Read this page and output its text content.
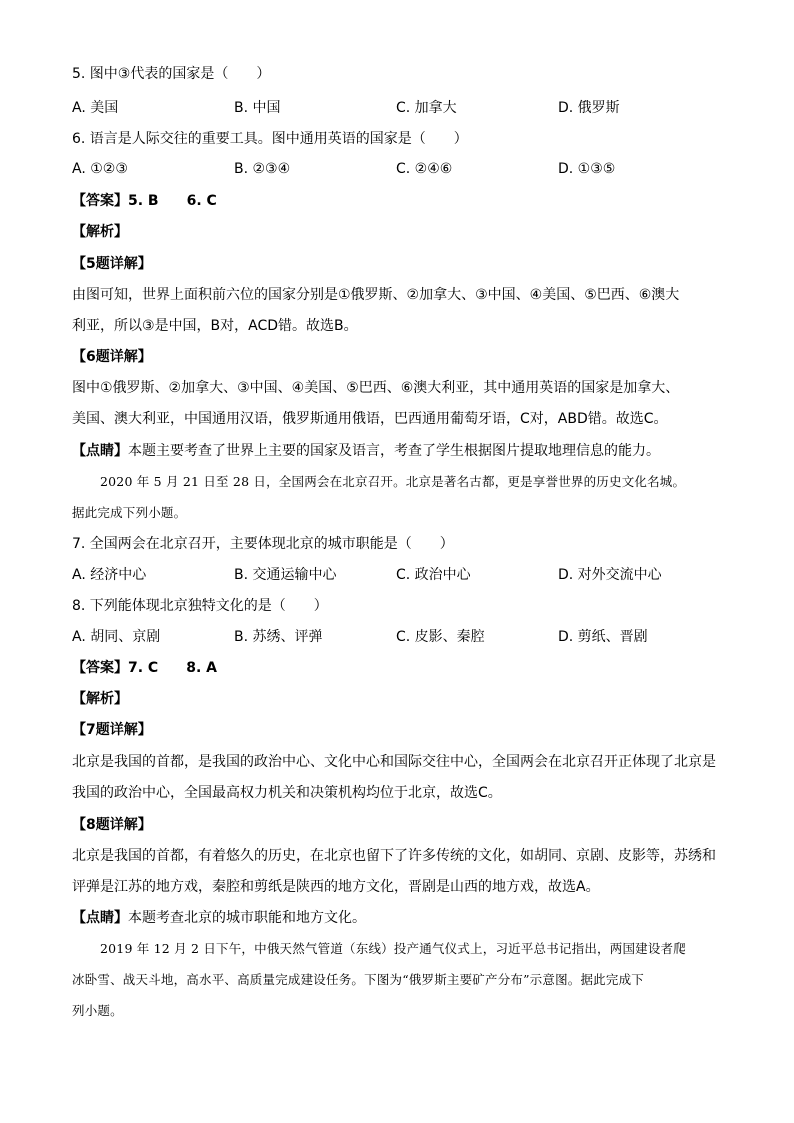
5. 图中③代表的国家是（　　）
A. 美国	B. 中国	C. 加拿大	D. 俄罗斯
6. 语言是人际交往的重要工具。图中通用英语的国家是（　　）
A. ①②③	B. ②③④	C. ②④⑥	D. ①③⑤
【答案】5. B　　6. C
【解析】
【5题详解】
由图可知，世界上面积前六位的国家分别是①俄罗斯、②加拿大、③中国、④美国、⑤巴西、⑥澳大
利亚，所以③是中国，B对，ACD错。故选B。
【6题详解】
图中①俄罗斯、②加拿大、③中国、④美国、⑤巴西、⑥澳大利亚，其中通用英语的国家是加拿大、
美国、澳大利亚，中国通用汉语，俄罗斯通用俄语，巴西通用葡萄牙语，C对，ABD错。故选C。
【点睛】本题主要考查了世界上主要的国家及语言，考查了学生根据图片提取地理信息的能力。
2020 年 5 月 21 日至 28 日，全国两会在北京召开。北京是著名古都，更是享誉世界的历史文化名城。
据此完成下列小题。
7. 全国两会在北京召开，主要体现北京的城市职能是（　　）
A. 经济中心	B. 交通运输中心	C. 政治中心	D. 对外交流中心
8. 下列能体现北京独特文化的是（　　）
A. 胡同、京剧	B. 苏绣、评弹	C. 皮影、秦腔	D. 剪纸、晋剧
【答案】7. C　　8. A
【解析】
【7题详解】
北京是我国的首都，是我国的政治中心、文化中心和国际交往中心，全国两会在北京召开正体现了北京是
我国的政治中心，全国最高权力机关和决策机构均位于北京，故选C。
【8题详解】
北京是我国的首都，有着悠久的历史，在北京也留下了许多传统的文化，如胡同、京剧、皮影等，苏绣和
评弹是江苏的地方戏，秦腔和剪纸是陕西的地方文化，晋剧是山西的地方戏，故选A。
【点睛】本题考查北京的城市职能和地方文化。
2019 年 12 月 2 日下午，中俄天然气管道（东线）投产通气仪式上，习近平总书记指出，两国建设者爬
冰卧雪、战天斗地，高水平、高质量完成建设任务。下图为“俄罗斯主要矿产分布”示意图。据此完成下
列小题。
